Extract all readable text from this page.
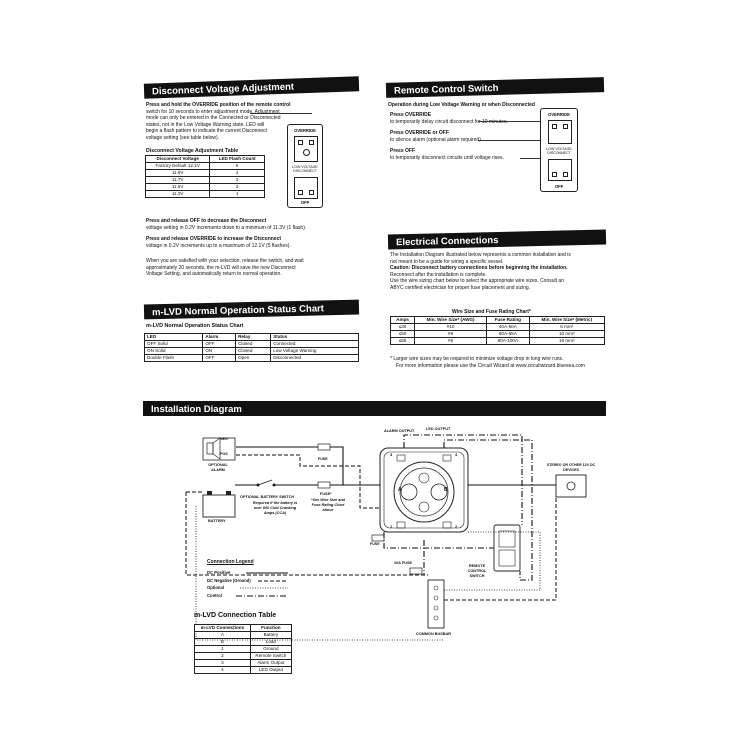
Disconnect Voltage Adjustment
Press and hold the OVERRIDE position of the remote control
switch for 10 seconds to enter adjustment mode. Adjustment
mode can only be entered in the Connected or Disconnected
states, not in the Low Voltage Warning state. LED will
begin a flash pattern to indicate the current Disconnect
voltage setting (see table below).
Disconnect Voltage Adjustment Table
Disconnect Voltage	LED Flash Count
Factory Default 12.1V	5
11.9V	4
11.7V	3
11.5V	2
11.3V	1
OVERRIDE
LOW VOLTAGE DISCONNECT
OFF
Press and release OFF to decrease the Disconnect
voltage setting in 0.2V increments down to a minimum of 11.3V (1 flash).
Press and release OVERRIDE to increase the Disconnect
voltage in 0.2V increments up to a maximum of 12.1V (5 flashes).
When you are satisfied with your selection, release the switch, and wait
approximately 20 seconds, the m-LVD will save the new Disconnect
Voltage Setting, and automatically return to normal operation.
m-LVD Normal Operation Status Chart
m-LVD Normal Operation Status Chart
LED	Alarm	Relay	Status
OFF Solid	OFF	Closed	Connected
ON Solid	ON	Closed	Low Voltage Warning
Double Flash	OFF	Open	Disconnected
Remote Control Switch
Operation during Low Voltage Warning or when Disconnected
Press OVERRIDE
to temporarily delay circuit disconnect for 10 minutes.
Press OVERRIDE or OFF
to silence alarm (optional alarm required).
Press OFF
to temporarily disconnect circuits until voltage rises.
OVERRIDE
LOW VOLTAGE DISCONNECT
OFF
Electrical Connections
The Installation Diagram illustrated below represents a common installation and is
not meant to be a guide for wiring a specific vessel.
Caution: Disconnect battery connections before beginning the installation.
Reconnect after the installation is complete.
Use the wire sizing chart below to select the appropriate wire sizes. Consult an
ABYC certified electrician for proper fuse placement and sizing.
Wire Size and Fuse Rating Chart*
Amps	Min. Wire Size* (AWG)	Fuse Rating	Min. Wire Size* (Metric)
≤30	#10	40A-50A	6 mm²
≤50	#8	60A-65A	10 mm²
≤65	#6	80A-100A	16 mm²
* Larger wire sizes may be required to minimize voltage drop in long wire runs.
For more information please use the Circuit Wizard at www.circuitwizard.bluesea.com
Installation Diagram
ALARM OUTPUT	LED OUTPUT
NEG
POS
OPTIONAL ALARM
FUSE
BATTERY
OPTIONAL BATTERY SWITCH
Required if the battery is over 800 Cold Cranking Amps (CCA)
FUSE*
*See Wire Size and Fuse Rating Chart above
STEREO OR OTHER 12V DC DEVICES
FUSE
10A FUSE
REMOTE CONTROL SWITCH
COMMON BUSBAR
A	B
1	2
3	4
Connection Legend
DC Positive
DC Negative (Ground)
Optional
Control
m-LVD Connection Table
m-LVD Connections	Function
A	Battery
B	Load
1	Ground
2	Remote Switch
3	Alarm Output
4	LED Output
